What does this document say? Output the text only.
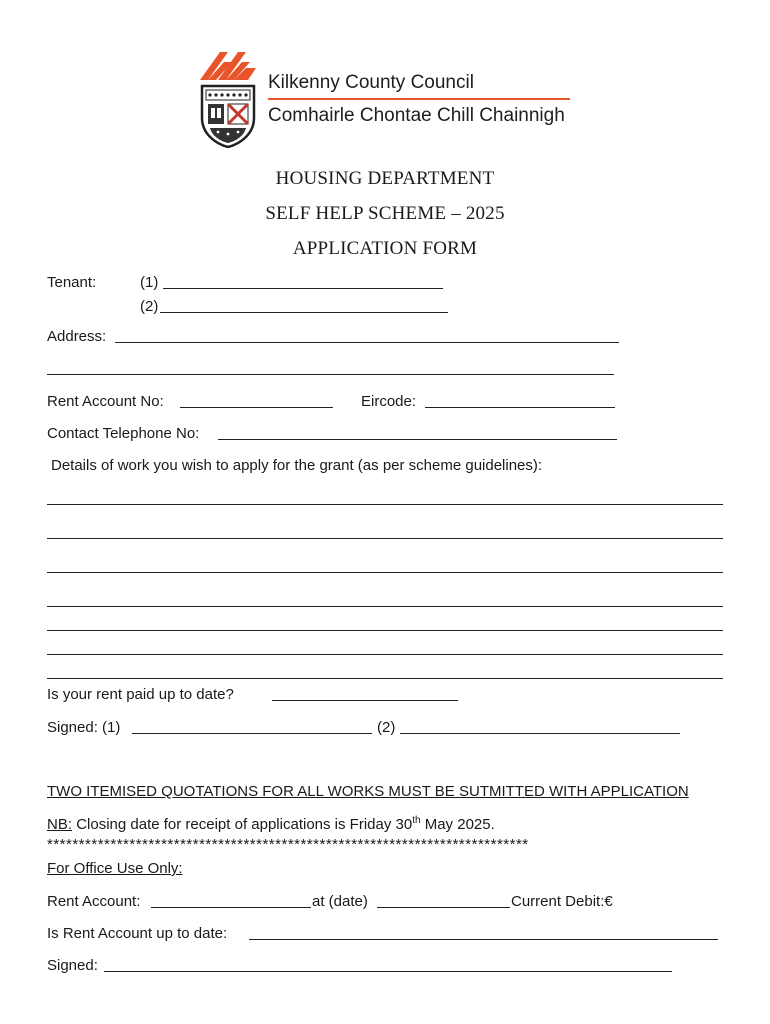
Kilkenny County Council
Comhairle Chontae Chill Chainnigh
HOUSING DEPARTMENT
SELF HELP SCHEME – 2025
APPLICATION FORM
Tenant:	(1)
(2)
Address:
Rent Account No:	Eircode:
Contact Telephone No:
Details of work you wish to apply for the grant (as per scheme guidelines):
Is your rent paid up to date?
Signed: (1)	(2)
TWO ITEMISED QUOTATIONS FOR ALL WORKS MUST BE SUTMITTED WITH APPLICATION
NB: Closing date for receipt of applications is Friday 30th May 2025.
****************************************************************************
For Office Use Only:
Rent Account:	at (date)	Current Debit:€
Is Rent Account up to date:
Signed:
